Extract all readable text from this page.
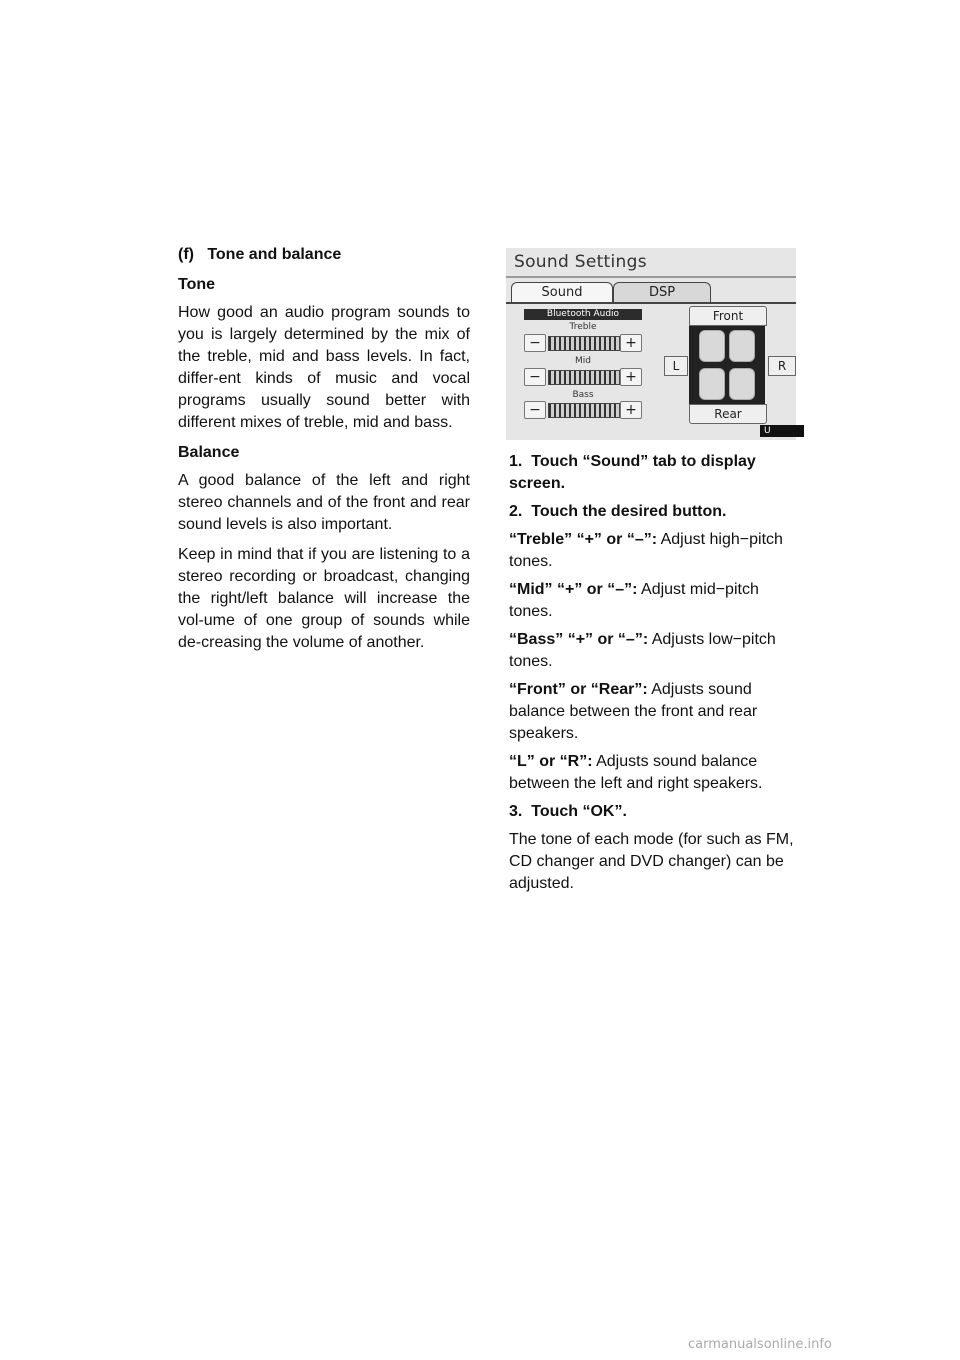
(f)   Tone and balance
Tone

How good an audio program sounds to you is largely determined by the mix of the treble, mid and bass levels. In fact, differ-ent kinds of music and vocal programs usually sound better with different mixes of treble, mid and bass.

Balance

A good balance of the left and right stereo channels and of the front and rear sound levels is also important.

Keep in mind that if you are listening to a stereo recording or broadcast, changing the right/left balance will increase the vol-ume of one group of sounds while de-creasing the volume of another.

Sound Settings
Sound	DSP
Bluetooth Audio
Treble
−	+
Mid
−	+
Bass
−	+
Front
Rear
L	R
U
1.  Touch “Sound” tab to display screen.
2.  Touch the desired button.
“Treble” “+” or “–”: Adjust high−pitch tones.
“Mid” “+” or “–”: Adjust mid−pitch tones.
“Bass” “+” or “–”: Adjusts low−pitch tones.
“Front” or “Rear”: Adjusts sound balance between the front and rear speakers.
“L” or “R”: Adjusts sound balance between the left and right speakers.
3.  Touch “OK”.
The tone of each mode (for such as FM, CD changer and DVD changer) can be adjusted.
carmanualsonline.info
